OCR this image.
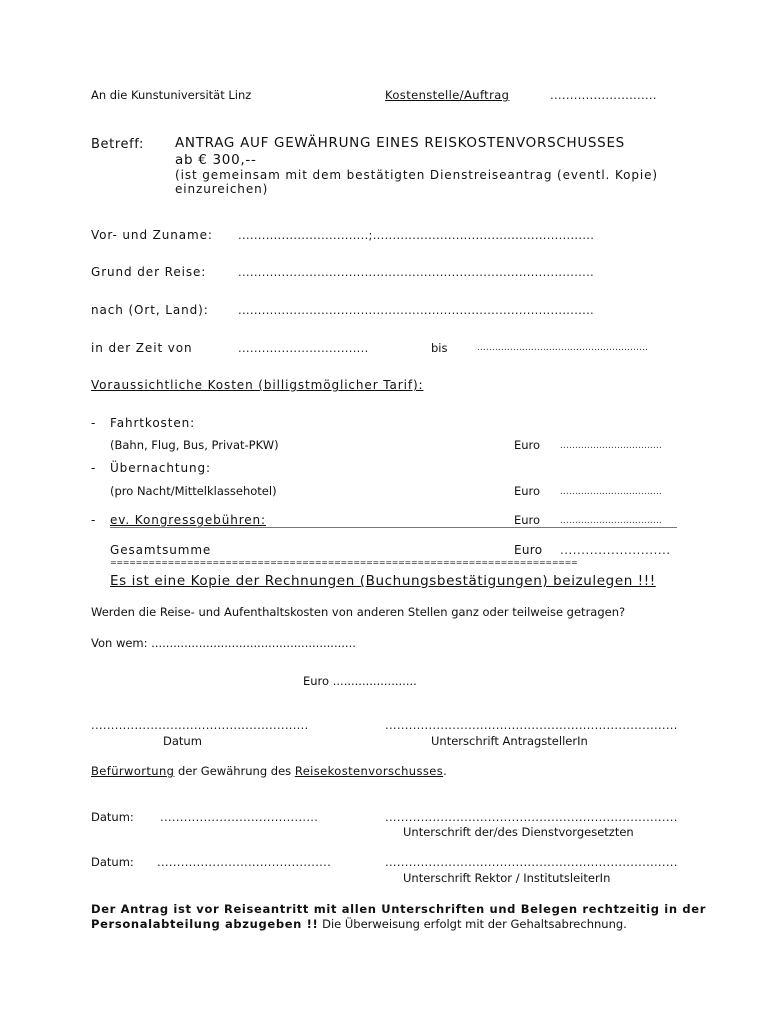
An die Kunstuniversität Linz	Kostenstelle/Auftrag	...........................
Betreff: ANTRAG AUF GEWÄHRUNG EINES REISKOSTENVORSCHUSSES
ab € 300,--
(ist gemeinsam mit dem bestätigten Dienstreiseantrag (eventl. Kopie)
einzureichen)
Vor- und Zuname: .................................;........................................................
Grund der Reise:	..........................................................................................
nach (Ort, Land):	..........................................................................................
in der Zeit von	.................................	bis	.........................................................
Voraussichtliche Kosten (billigstmöglicher Tarif):
- Fahrtkosten:
(Bahn, Flug, Bus, Privat-PKW)	Euro ..................................
- Übernachtung:
(pro Nacht/Mittelklassehotel)	Euro ..................................
- ev. Kongressgebühren:	Euro ..................................
Gesamtsumme	Euro ..........................
=========================================================================
Es ist eine Kopie der Rechnungen (Buchungsbestätigungen) beizulegen !!!
Werden die Reise- und Aufenthaltskosten von anderen Stellen ganz oder teilweise getragen?
Von wem: ........................................................
Euro .......................
.......................................................
Datum
..........................................................................
Unterschrift AntragstellerIn
Befürwortung der Gewährung des Reisekostenvorschusses.
Datum: ........................................	..........................................................................
Unterschrift der/des Dienstvorgesetzten
Datum: ............................................	..........................................................................
Unterschrift Rektor / InstitutsleiterIn
Der Antrag ist vor Reiseantritt mit allen Unterschriften und Belegen rechtzeitig in der
Personalabteilung abzugeben !! Die Überweisung erfolgt mit der Gehaltsabrechnung.
